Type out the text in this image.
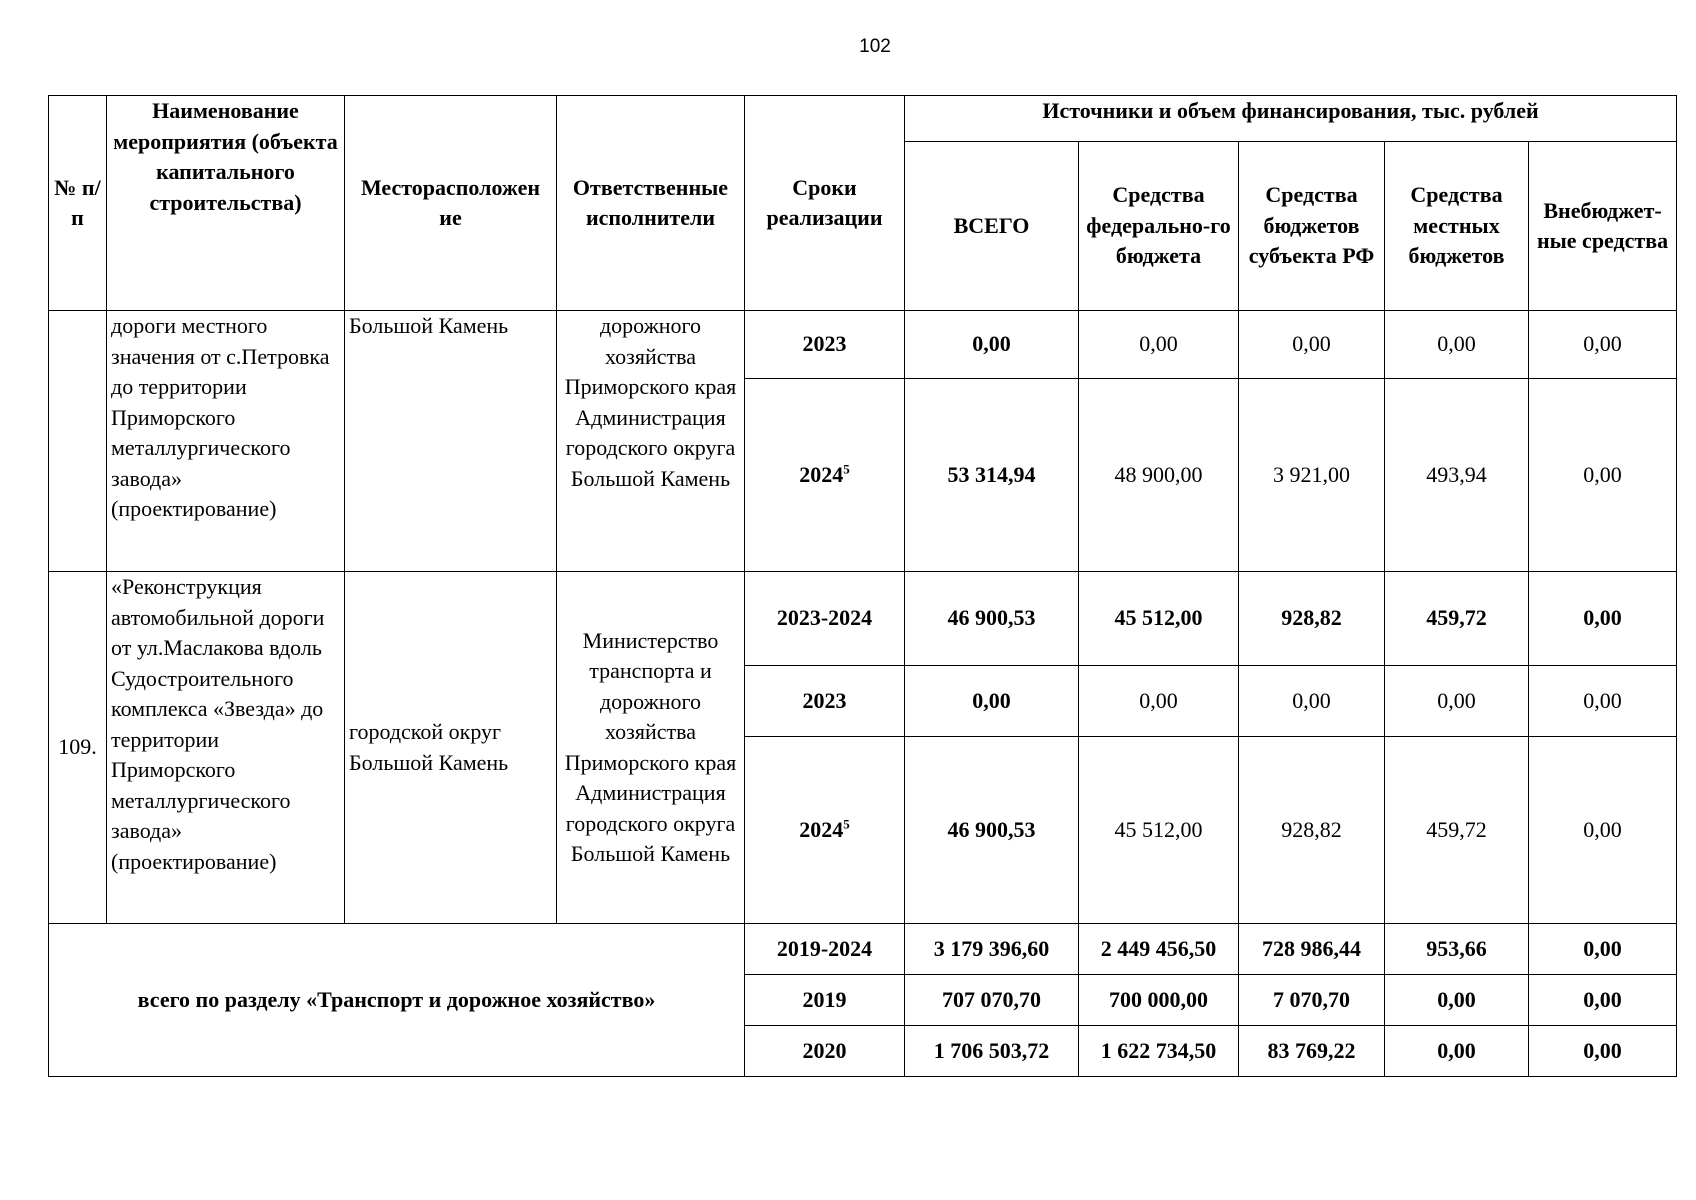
102
№ п/п	Наименование мероприятия (объекта капитального строительства)	Месторасположен ие	Ответственные исполнители	Сроки реализации	Источники и объем финансирования, тыс. рублей				
					ВСЕГО	Средства федерально-го бюджета	Средства бюджетов субъекта РФ	Средства местных бюджетов	Внебюджет-ные средства
	дороги местного значения от с.Петровка до территории Приморского металлургического завода» (проектирование)	Большой Камень	дорожного хозяйства Приморского края Администрация городского округа Большой Камень	2023	0,00	0,00	0,00	0,00	0,00
				2024$^5$	53 314,94	48 900,00	3 921,00	493,94	0,00
109.	«Реконструкция автомобильной дороги от ул.Маслакова вдоль Судостроительного комплекса «Звезда» до территории Приморского металлургического завода» (проектирование)	городской округ Большой Камень	Министерство транспорта и дорожного хозяйства Приморского края Администрация городского округа Большой Камень	2023-2024	46 900,53	45 512,00	928,82	459,72	0,00
				2023	0,00	0,00	0,00	0,00	0,00
				2024$^5$	46 900,53	45 512,00	928,82	459,72	0,00
всего по разделу «Транспорт и дорожное хозяйство»				2019-2024	3 179 396,60	2 449 456,50	728 986,44	953,66	0,00
				2019	707 070,70	700 000,00	7 070,70	0,00	0,00
				2020	1 706 503,72	1 622 734,50	83 769,22	0,00	0,00
